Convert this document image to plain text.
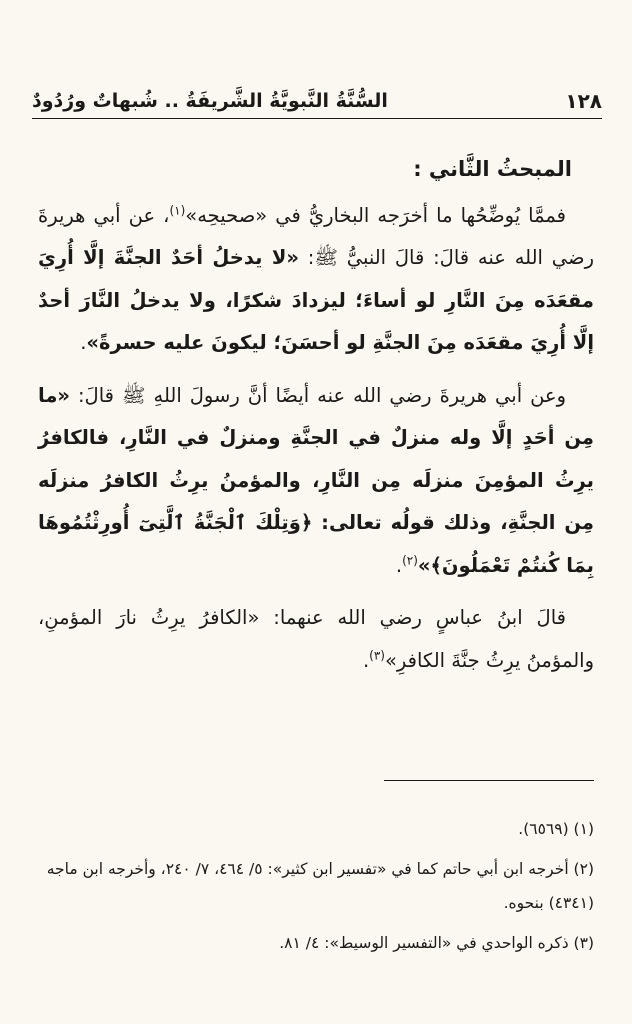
١٢٨
السُّنَّةُ النَّبويَّةُ الشَّريفَةُ .. شُبهاتٌ ورُدُودٌ
المبحثُ الثَّاني :

فممَّا يُوضِّحُها ما أخرَجه البخاريُّ في «صحيحِه»$^{(١)}$، عن أبي هريرةَ رضي الله عنه قالَ: قالَ النبيُّ ﷺ: «لا يدخلُ أحَدٌ الجنَّةَ إلَّا أُرِيَ مقعَدَه مِنَ النَّارِ لو أساءَ؛ ليزدادَ شكرًا، ولا يدخلُ النَّارَ أحدٌ إلَّا أُرِيَ مقعَدَه مِنَ الجنَّةِ لو أحسَنَ؛ ليكونَ عليه حسرةً».

وعن أبي هريرةَ رضي الله عنه أيضًا أنَّ رسولَ اللهِ ﷺ قالَ: «ما مِن أحَدٍ إلَّا وله منزلٌ في الجنَّةِ ومنزلٌ في النَّارِ، فالكافرُ يرِثُ المؤمِنَ منزلَه مِن النَّارِ، والمؤمنُ يرِثُ الكافرُ منزلَه مِن الجنَّةِ، وذلك قولُه تعالى: ﴿وَتِلْكَ ٱلْجَنَّةُ ٱلَّتِىٓ أُورِثْتُمُوهَا بِمَا كُنتُمْ تَعْمَلُونَ﴾»$^{(٢)}$.

قالَ ابنُ عباسٍ رضي الله عنهما: «الكافرُ يرِثُ نارَ المؤمنِ، والمؤمنُ يرِثُ جنَّةَ الكافرِ»$^{(٣)}$.

(١) (٦٥٦٩).

(٢) أخرجه ابن أبي حاتم كما في «تفسير ابن كثير»: ٥/ ٤٦٤، ٧/ ٢٤٠، وأخرجه ابن ماجه (٤٣٤١) بنحوه.

(٣) ذكره الواحدي في «التفسير الوسيط»: ٤/ ٨١.
